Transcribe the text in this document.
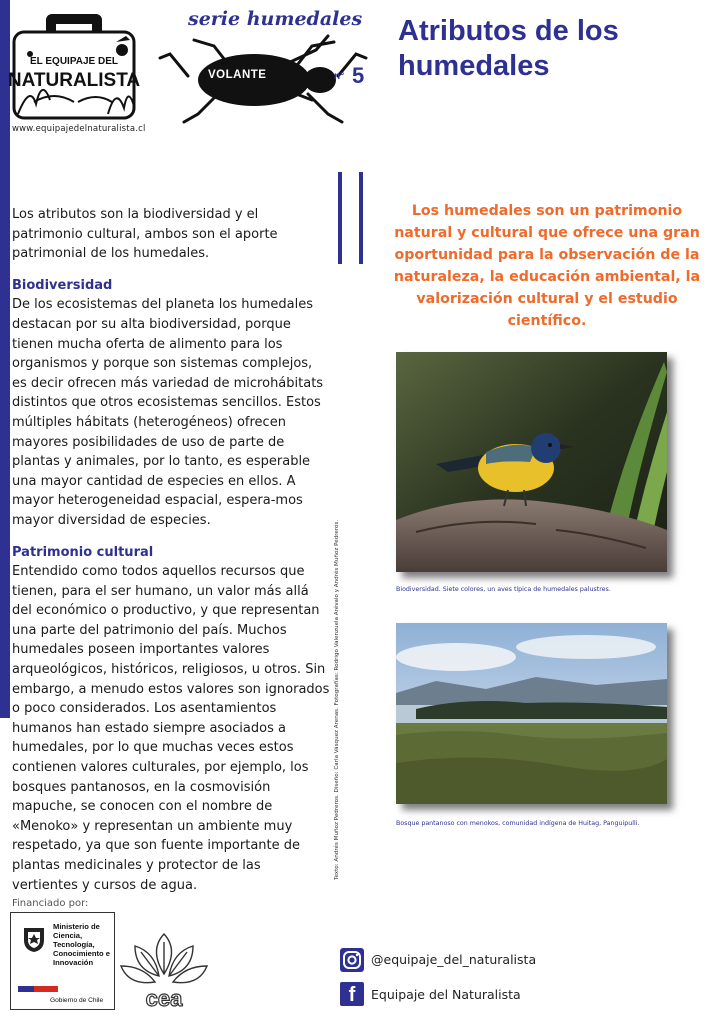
EL EQUIPAJE DEL
NATURALISTA
www.equipajedelnaturalista.cl
serie humedales
VOLANTE	n° 5
Atributos de los humedales

Los atributos son la biodiversidad y el patrimonio cultural, ambos son el aporte patrimonial de los humedales.

Biodiversidad
De los ecosistemas del planeta los humedales destacan por su alta biodiversidad, porque tienen mucha oferta de alimento para los organismos y porque son sistemas complejos, es decir ofrecen más variedad de microhábitats distintos que otros ecosistemas sencillos. Estos múltiples hábitats (heterogéneos) ofrecen mayores posibilidades de uso de parte de plantas y animales, por lo tanto, es esperable una mayor cantidad de especies en ellos. A mayor heterogeneidad espacial, espera-mos mayor diversidad de especies.

Patrimonio cultural
Entendido como todos aquellos recursos que tienen, para el ser humano, un valor más allá del económico o productivo, y que representan una parte del patrimonio del país. Muchos humedales poseen importantes valores arqueológicos, históricos, religiosos, u otros. Sin embargo, a menudo estos valores son ignorados o poco considerados. Los asentamientos humanos han estado siempre asociados a humedales, por lo que muchas veces estos contienen valores culturales, por ejemplo, los bosques pantanosos, en la cosmovisión mapuche, se conocen con el nombre de «Menoko» y representan un ambiente muy respetado, ya que son fuente importante de plantas medicinales y protector de las vertientes y cursos de agua.

Texto: Andrés Muñoz Pedreros. Diseño: Carla Vásquez Arenas. Fotografías: Rodrigo Valenzuela Arévalo y Andrés Muñoz Pedreros.
Los humedales son un patrimonio natural y cultural que ofrece una gran oportunidad para la observación de la naturaleza, la educación ambiental, la valorización cultural y el estudio científico.
Biodiversidad. Siete colores, un aves típica de humedales palustres.
Bosque pantanoso con menokos, comunidad indígena de Huitag, Panguipulli.
Financiado por:
Ministerio de Ciencia, Tecnología, Conocimiento e Innovación
Gobierno de Chile cea
@equipaje_del_naturalista
f	Equipaje del Naturalista
